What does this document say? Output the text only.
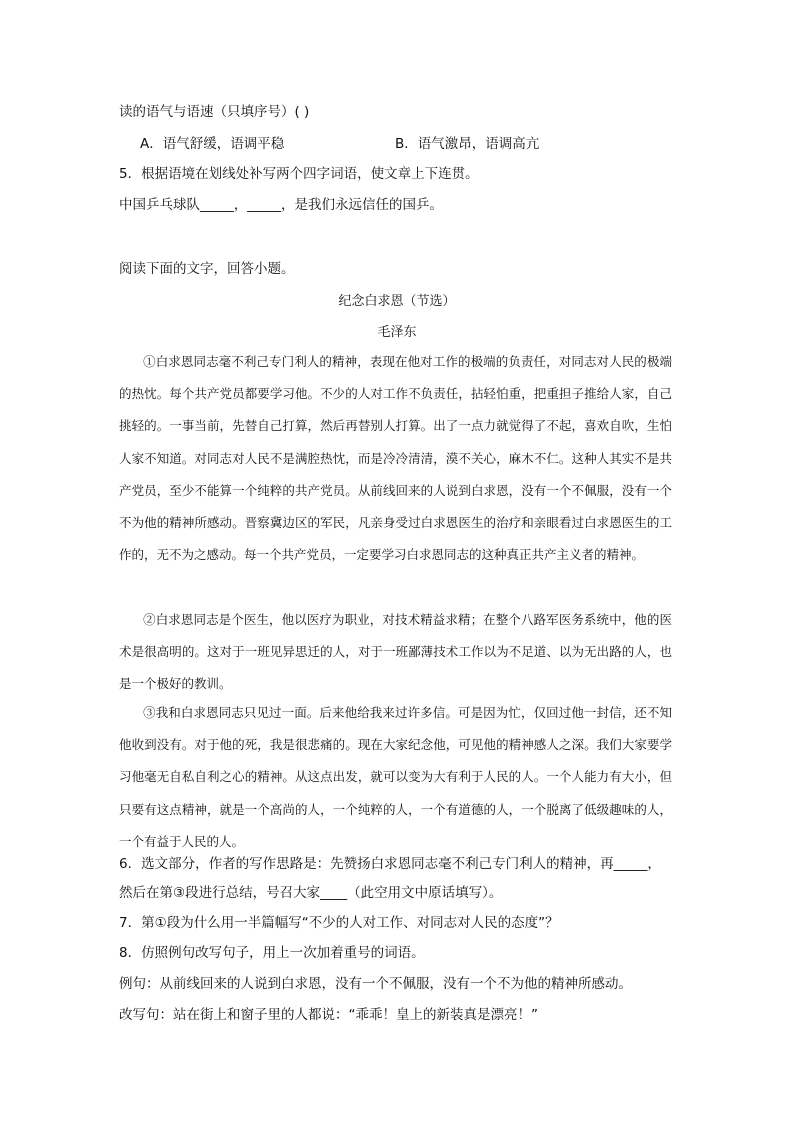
读的语气与语速（只填序号）( )
A．语气舒缓，语调平稳	B．语气激昂，语调高亢
5．根据语境在划线处补写两个四字词语，使文章上下连贯。
中国乒乓球队_____，_____，是我们永远信任的国乒。
阅读下面的文字，回答小题。
纪念白求恩（节选）
毛泽东
①白求恩同志毫不利己专门利人的精神，表现在他对工作的极端的负责任，对同志对人民的极端的热忱。每个共产党员都要学习他。不少的人对工作不负责任，拈轻怕重，把重担子推给人家，自己挑轻的。一事当前，先替自己打算，然后再替别人打算。出了一点力就觉得了不起，喜欢自吹，生怕人家不知道。对同志对人民不是满腔热忱，而是冷冷清清，漠不关心，麻木不仁。这种人其实不是共产党员，至少不能算一个纯粹的共产党员。从前线回来的人说到白求恩，没有一个不佩服，没有一个不为他的精神所感动。晋察冀边区的军民，凡亲身受过白求恩医生的治疗和亲眼看过白求恩医生的工作的，无不为之感动。每一个共产党员，一定要学习白求恩同志的这种真正共产主义者的精神。
②白求恩同志是个医生，他以医疗为职业，对技术精益求精；在整个八路军医务系统中，他的医术是很高明的。这对于一班见异思迁的人，对于一班鄙薄技术工作以为不足道、以为无出路的人，也是一个极好的教训。
③我和白求恩同志只见过一面。后来他给我来过许多信。可是因为忙，仅回过他一封信，还不知他收到没有。对于他的死，我是很悲痛的。现在大家纪念他，可见他的精神感人之深。我们大家要学习他毫无自私自利之心的精神。从这点出发，就可以变为大有利于人民的人。一个人能力有大小，但只要有这点精神，就是一个高尚的人，一个纯粹的人，一个有道德的人，一个脱离了低级趣味的人，一个有益于人民的人。
6．选文部分，作者的写作思路是：先赞扬白求恩同志毫不利己专门利人的精神，再_____，
然后在第③段进行总结，号召大家____（此空用文中原话填写）。
7．第①段为什么用一半篇幅写“不少的人对工作、对同志对人民的态度”？
8．仿照例句改写句子，用上一次加着重号的词语。
例句：从前线回来的人说到白求恩，没有一个不佩服，没有一个不为他的精神所感动。
改写句：站在街上和窗子里的人都说：“乖乖！皇上的新装真是漂亮！”
